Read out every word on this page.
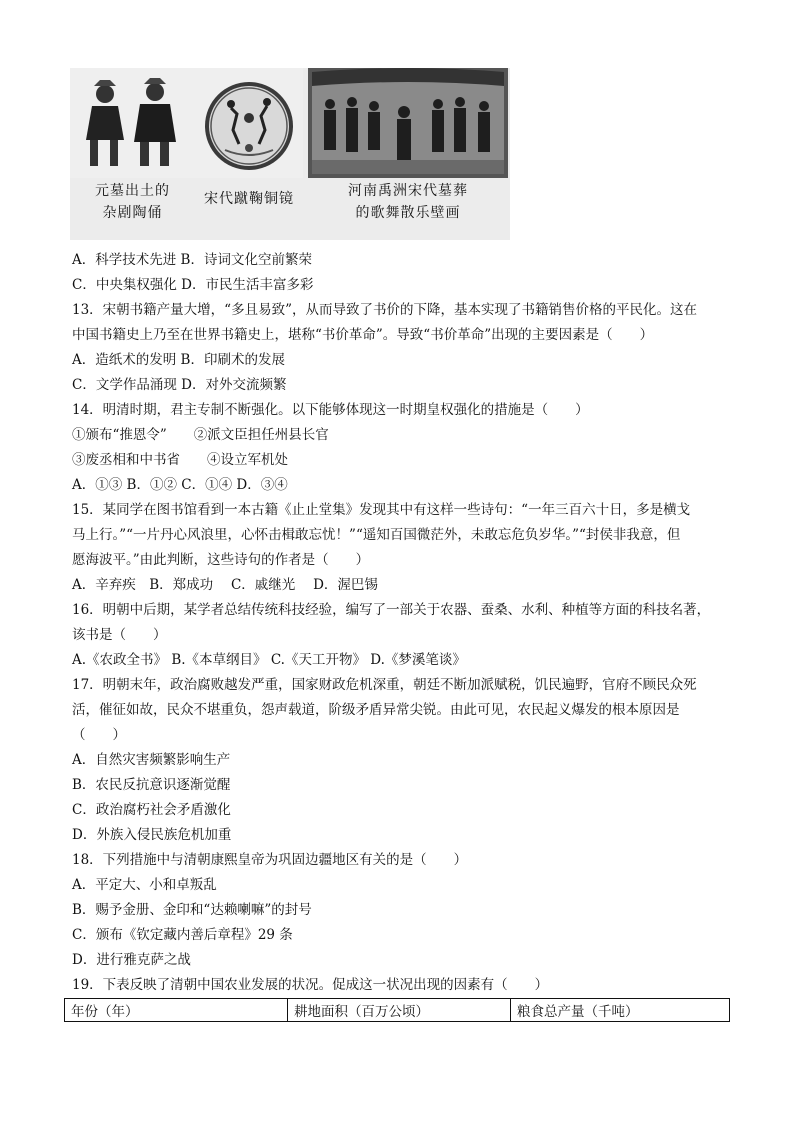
元墓出土的
杂剧陶俑
宋代蹴鞠铜镜	河南禹洲宋代墓葬
的歌舞散乐壁画
A．科学技术先进 B．诗词文化空前繁荣
C．中央集权强化 D．市民生活丰富多彩
13．宋朝书籍产量大增，“多且易致”，从而导致了书价的下降，基本实现了书籍销售价格的平民化。这在
中国书籍史上乃至在世界书籍史上，堪称“书价革命”。导致“书价革命”出现的主要因素是（　　）
A．造纸术的发明 B．印刷术的发展
C．文学作品涌现 D．对外交流频繁
14．明清时期，君主专制不断强化。以下能够体现这一时期皇权强化的措施是（　　）
①颁布“推恩令”　　②派文臣担任州县长官
③废丞相和中书省　　④设立军机处
A．①③ B．①② C．①④ D．③④
15．某同学在图书馆看到一本古籍《止止堂集》发现其中有这样一些诗句：“一年三百六十日，多是横戈
马上行。”“一片丹心风浪里，心怀击楫敢忘忧！”“遥知百国微茫外，未敢忘危负岁华。”“封侯非我意，但
愿海波平。”由此判断，这些诗句的作者是（　　）
A．辛弃疾　B．郑成功　 C．戚继光　 D．渥巴锡
16．明朝中后期，某学者总结传统科技经验，编写了一部关于农器、蚕桑、水利、种植等方面的科技名著，
该书是（　　）
A.《农政全书》 B.《本草纲目》 C.《天工开物》 D.《梦溪笔谈》
17．明朝末年，政治腐败越发严重，国家财政危机深重，朝廷不断加派赋税，饥民遍野，官府不顾民众死
活，催征如故，民众不堪重负，怨声载道，阶级矛盾异常尖锐。由此可见，农民起义爆发的根本原因是
（　　）
A．自然灾害频繁影响生产
B．农民反抗意识逐渐觉醒
C．政治腐朽社会矛盾激化
D．外族入侵民族危机加重
18．下列措施中与清朝康熙皇帝为巩固边疆地区有关的是（　　）
A．平定大、小和卓叛乱
B．赐予金册、金印和“达赖喇嘛”的封号
C．颁布《钦定藏内善后章程》29 条
D．进行雅克萨之战
19．下表反映了清朝中国农业发展的状况。促成这一状况出现的因素有（　　）
年份（年）	耕地面积（百万公顷）	粮食总产量（千吨）
